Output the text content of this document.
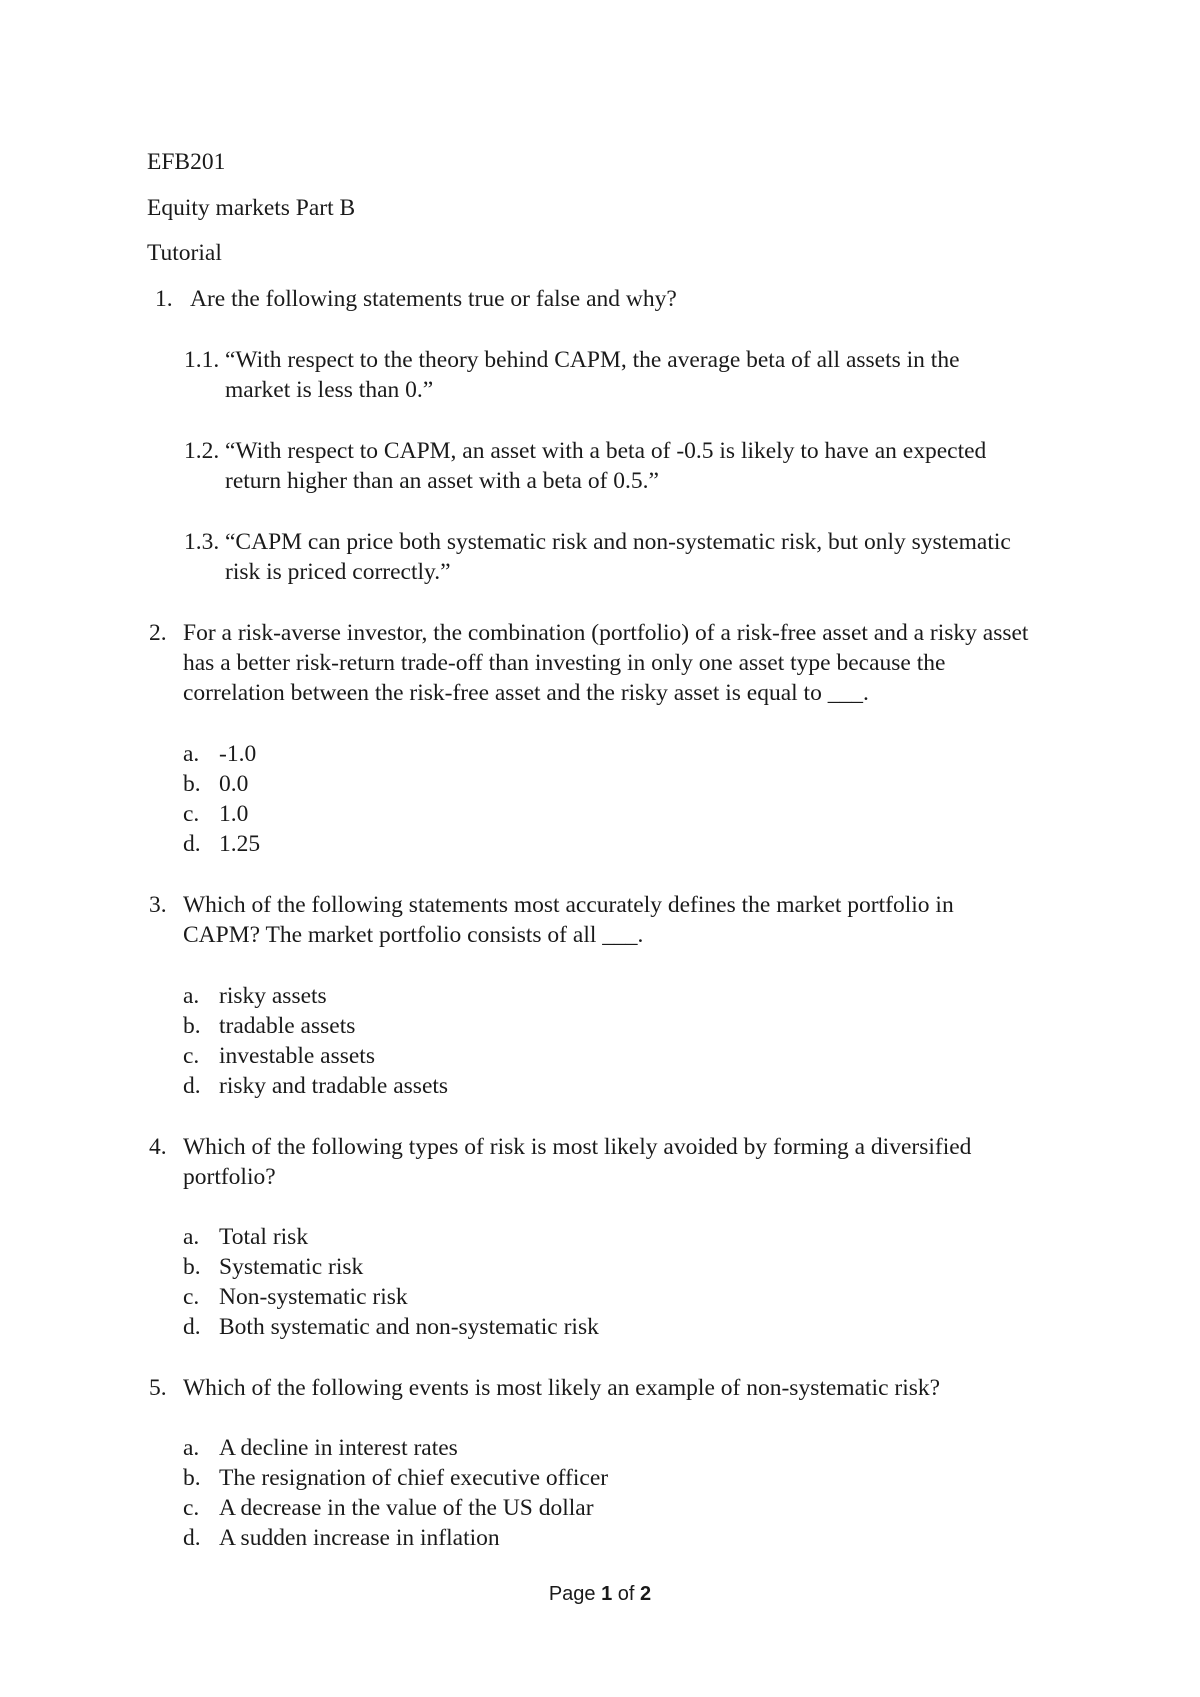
EFB201
Equity markets Part B
Tutorial
1. Are the following statements true or false and why?
1.1. “With respect to the theory behind CAPM, the average beta of all assets in the
market is less than 0.”
1.2. “With respect to CAPM, an asset with a beta of -0.5 is likely to have an expected
return higher than an asset with a beta of 0.5.”
1.3. “CAPM can price both systematic risk and non-systematic risk, but only systematic
risk is priced correctly.”
2. For a risk-averse investor, the combination (portfolio) of a risk-free asset and a risky asset
has a better risk-return trade-off than investing in only one asset type because the
correlation between the risk-free asset and the risky asset is equal to ___.
a. -1.0
b. 0.0
c. 1.0
d. 1.25
3. Which of the following statements most accurately defines the market portfolio in
CAPM? The market portfolio consists of all ___.
a. risky assets
b. tradable assets
c. investable assets
d. risky and tradable assets
4. Which of the following types of risk is most likely avoided by forming a diversified
portfolio?
a. Total risk
b. Systematic risk
c. Non-systematic risk
d. Both systematic and non-systematic risk
5. Which of the following events is most likely an example of non-systematic risk?
a. A decline in interest rates
b. The resignation of chief executive officer
c. A decrease in the value of the US dollar
d. A sudden increase in inflation
Page 1 of 2
